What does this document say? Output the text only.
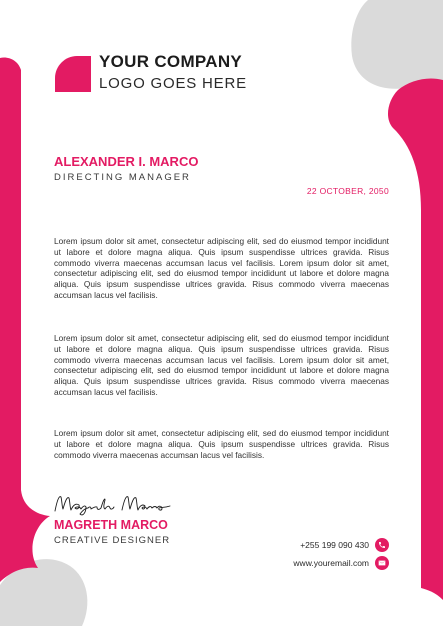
YOUR COMPANY
LOGO GOES HERE
ALEXANDER I. MARCO
DIRECTING MANAGER
22 OCTOBER, 2050

Lorem ipsum dolor sit amet, consectetur adipiscing elit, sed do eiusmod tempor incididunt ut labore et dolore magna aliqua. Quis ipsum suspendisse ultrices gravida. Risus commodo viverra maecenas accumsan lacus vel facilisis. Lorem ipsum dolor sit amet, consectetur adipiscing elit, sed do eiusmod tempor incididunt ut labore et dolore magna aliqua. Quis ipsum suspendisse ultrices gravida. Risus commodo viverra maecenas accumsan lacus vel facilisis.

Lorem ipsum dolor sit amet, consectetur adipiscing elit, sed do eiusmod tempor incididunt ut labore et dolore magna aliqua. Quis ipsum suspendisse ultrices gravida. Risus commodo viverra maecenas accumsan lacus vel facilisis. Lorem ipsum dolor sit amet, consectetur adipiscing elit, sed do eiusmod tempor incididunt ut labore et dolore magna aliqua. Quis ipsum suspendisse ultrices gravida. Risus commodo viverra maecenas accumsan lacus vel facilisis.

Lorem ipsum dolor sit amet, consectetur adipiscing elit, sed do eiusmod tempor incididunt ut labore et dolore magna aliqua. Quis ipsum suspendisse ultrices gravida. Risus commodo viverra maecenas accumsan lacus vel facilisis.

MAGRETH MARCO
CREATIVE DESIGNER	+255 199 090 430
www.youremail.com
